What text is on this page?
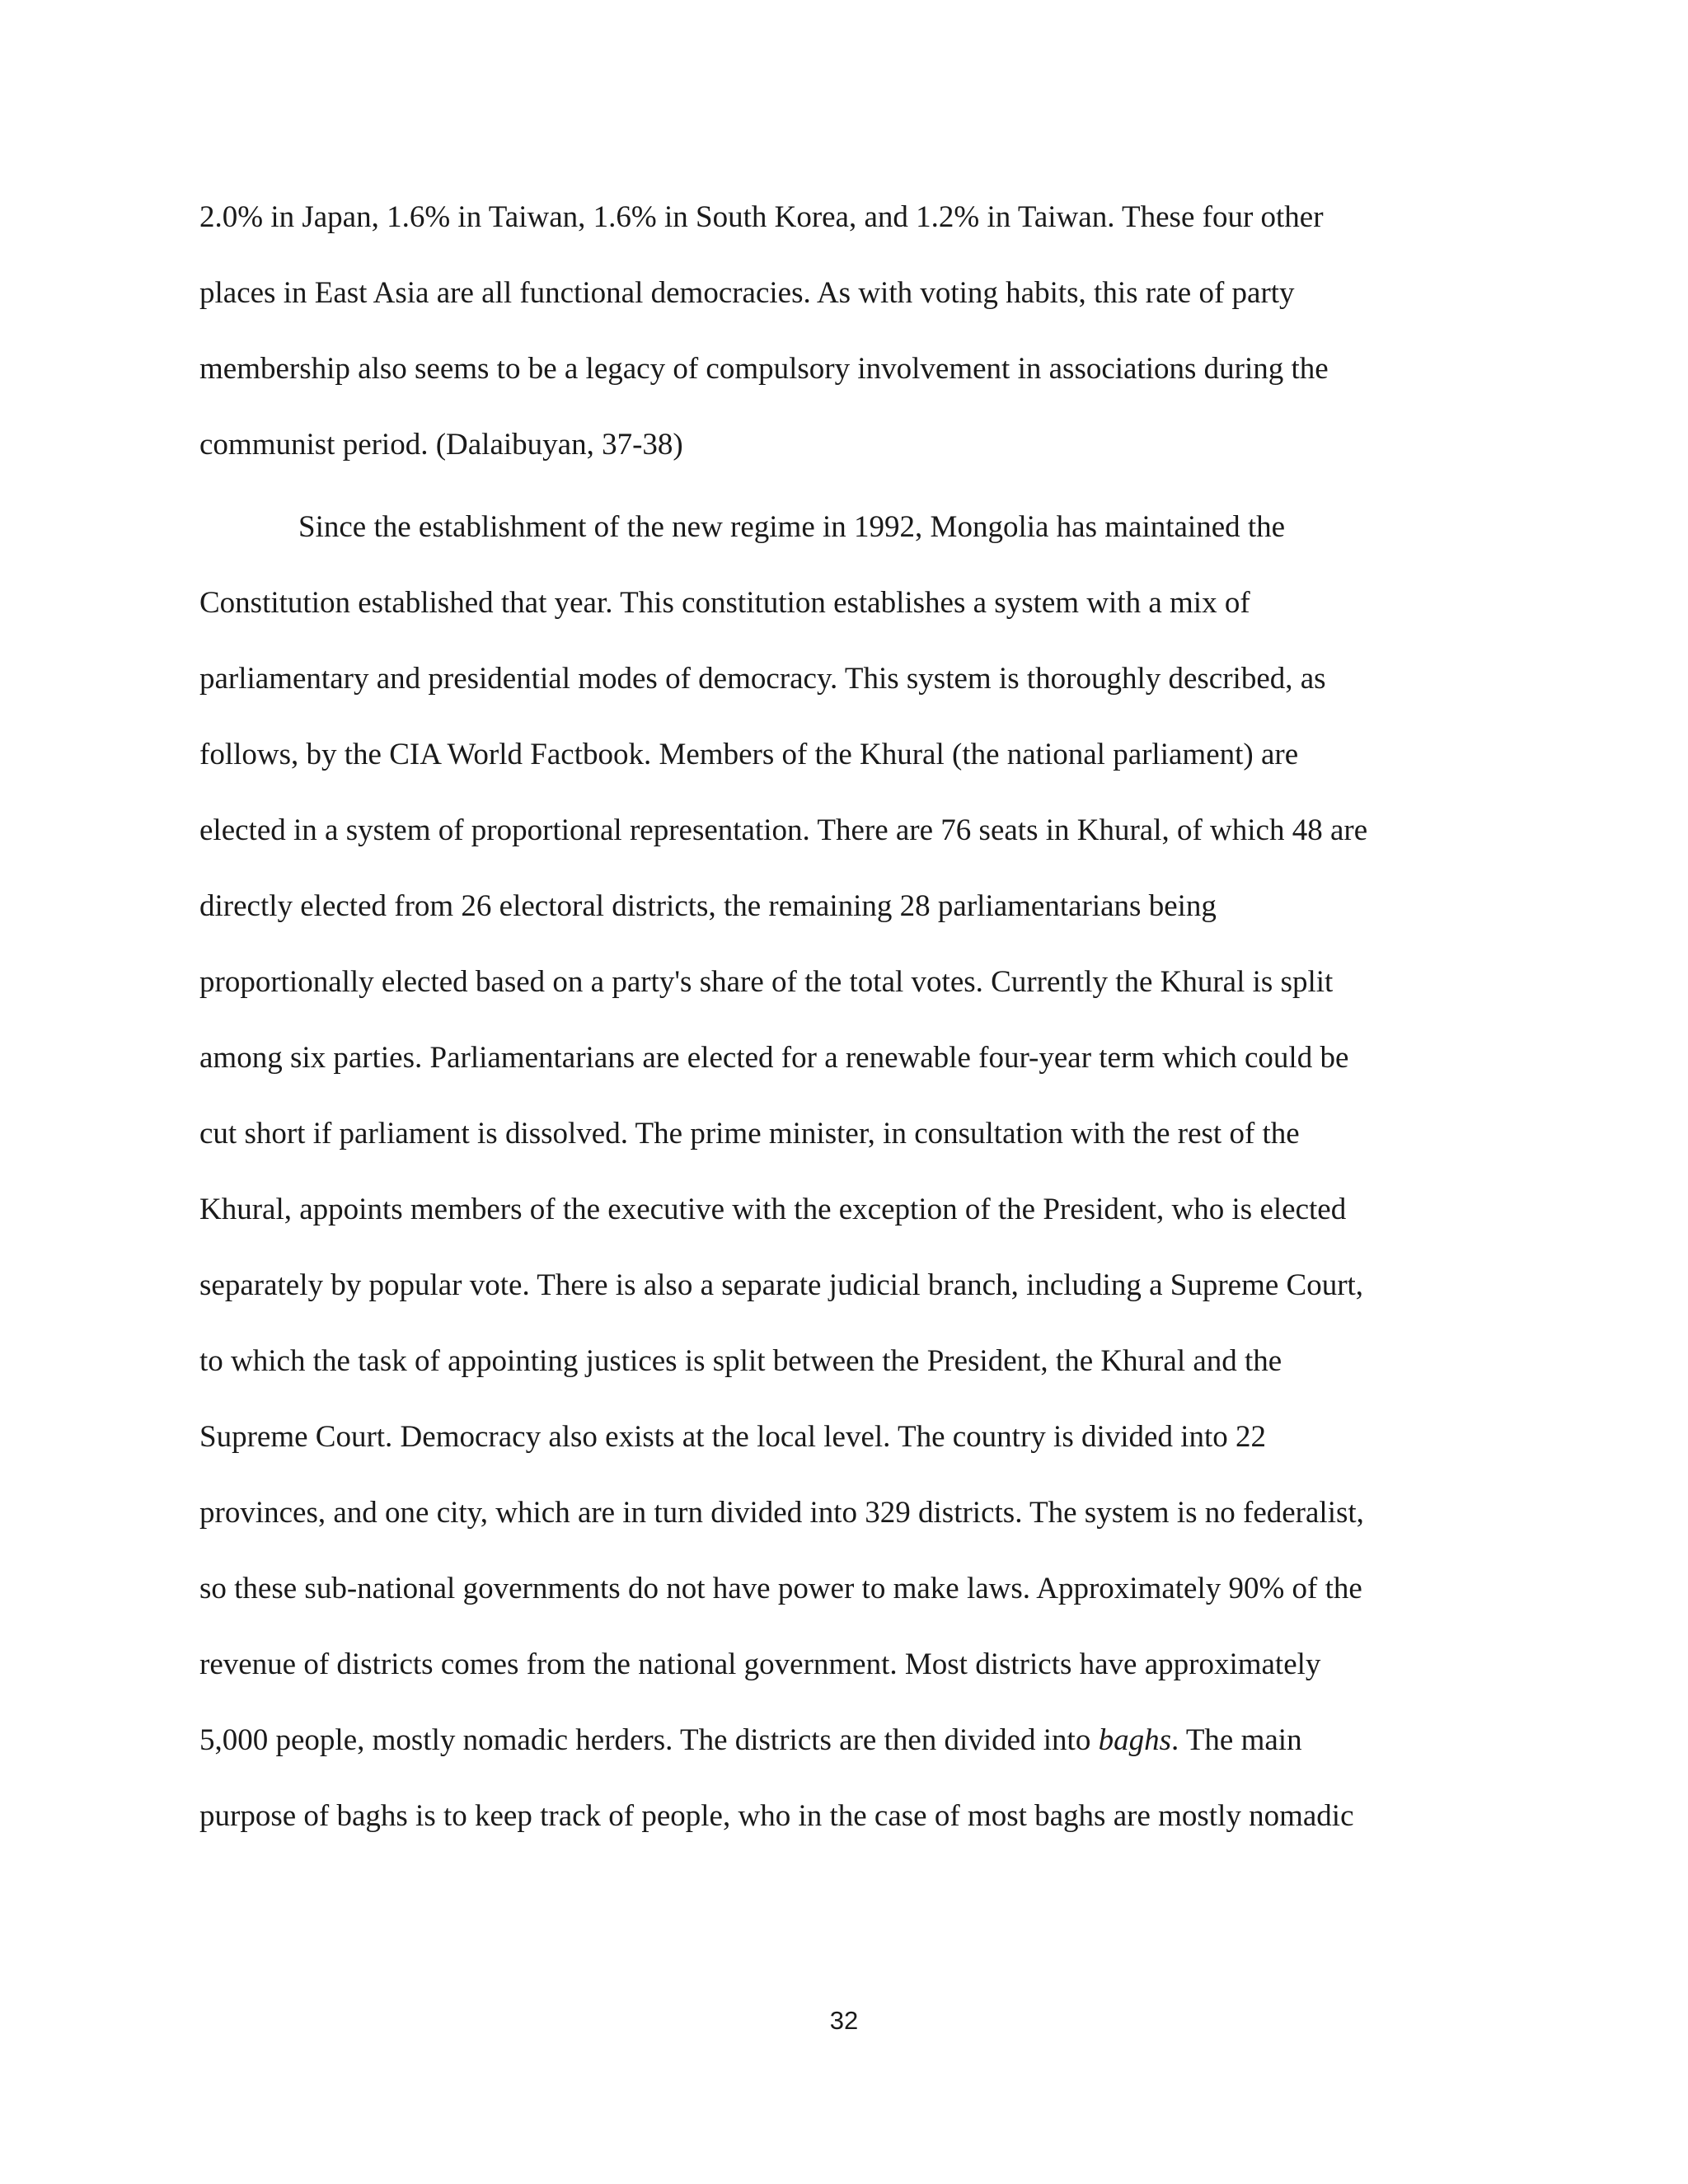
2.0% in Japan, 1.6% in Taiwan, 1.6% in South Korea, and 1.2% in Taiwan. These four other
places in East Asia are all functional democracies. As with voting habits, this rate of party
membership also seems to be a legacy of compulsory involvement in associations during the
communist period. (Dalaibuyan, 37-38)
Since the establishment of the new regime in 1992, Mongolia has maintained the
Constitution established that year. This constitution establishes a system with a mix of
parliamentary and presidential modes of democracy. This system is thoroughly described, as
follows, by the CIA World Factbook. Members of the Khural (the national parliament) are
elected in a system of proportional representation. There are 76 seats in Khural, of which 48 are
directly elected from 26 electoral districts, the remaining 28 parliamentarians being
proportionally elected based on a party's share of the total votes. Currently the Khural is split
among six parties. Parliamentarians are elected for a renewable four-year term which could be
cut short if parliament is dissolved. The prime minister, in consultation with the rest of the
Khural, appoints members of the executive with the exception of the President, who is elected
separately by popular vote. There is also a separate judicial branch, including a Supreme Court,
to which the task of appointing justices is split between the President, the Khural and the
Supreme Court. Democracy also exists at the local level. The country is divided into 22
provinces, and one city, which are in turn divided into 329 districts. The system is no federalist,
so these sub-national governments do not have power to make laws. Approximately 90% of the
revenue of districts comes from the national government. Most districts have approximately
5,000 people, mostly nomadic herders. The districts are then divided into baghs. The main
purpose of baghs is to keep track of people, who in the case of most baghs are mostly nomadic
32
